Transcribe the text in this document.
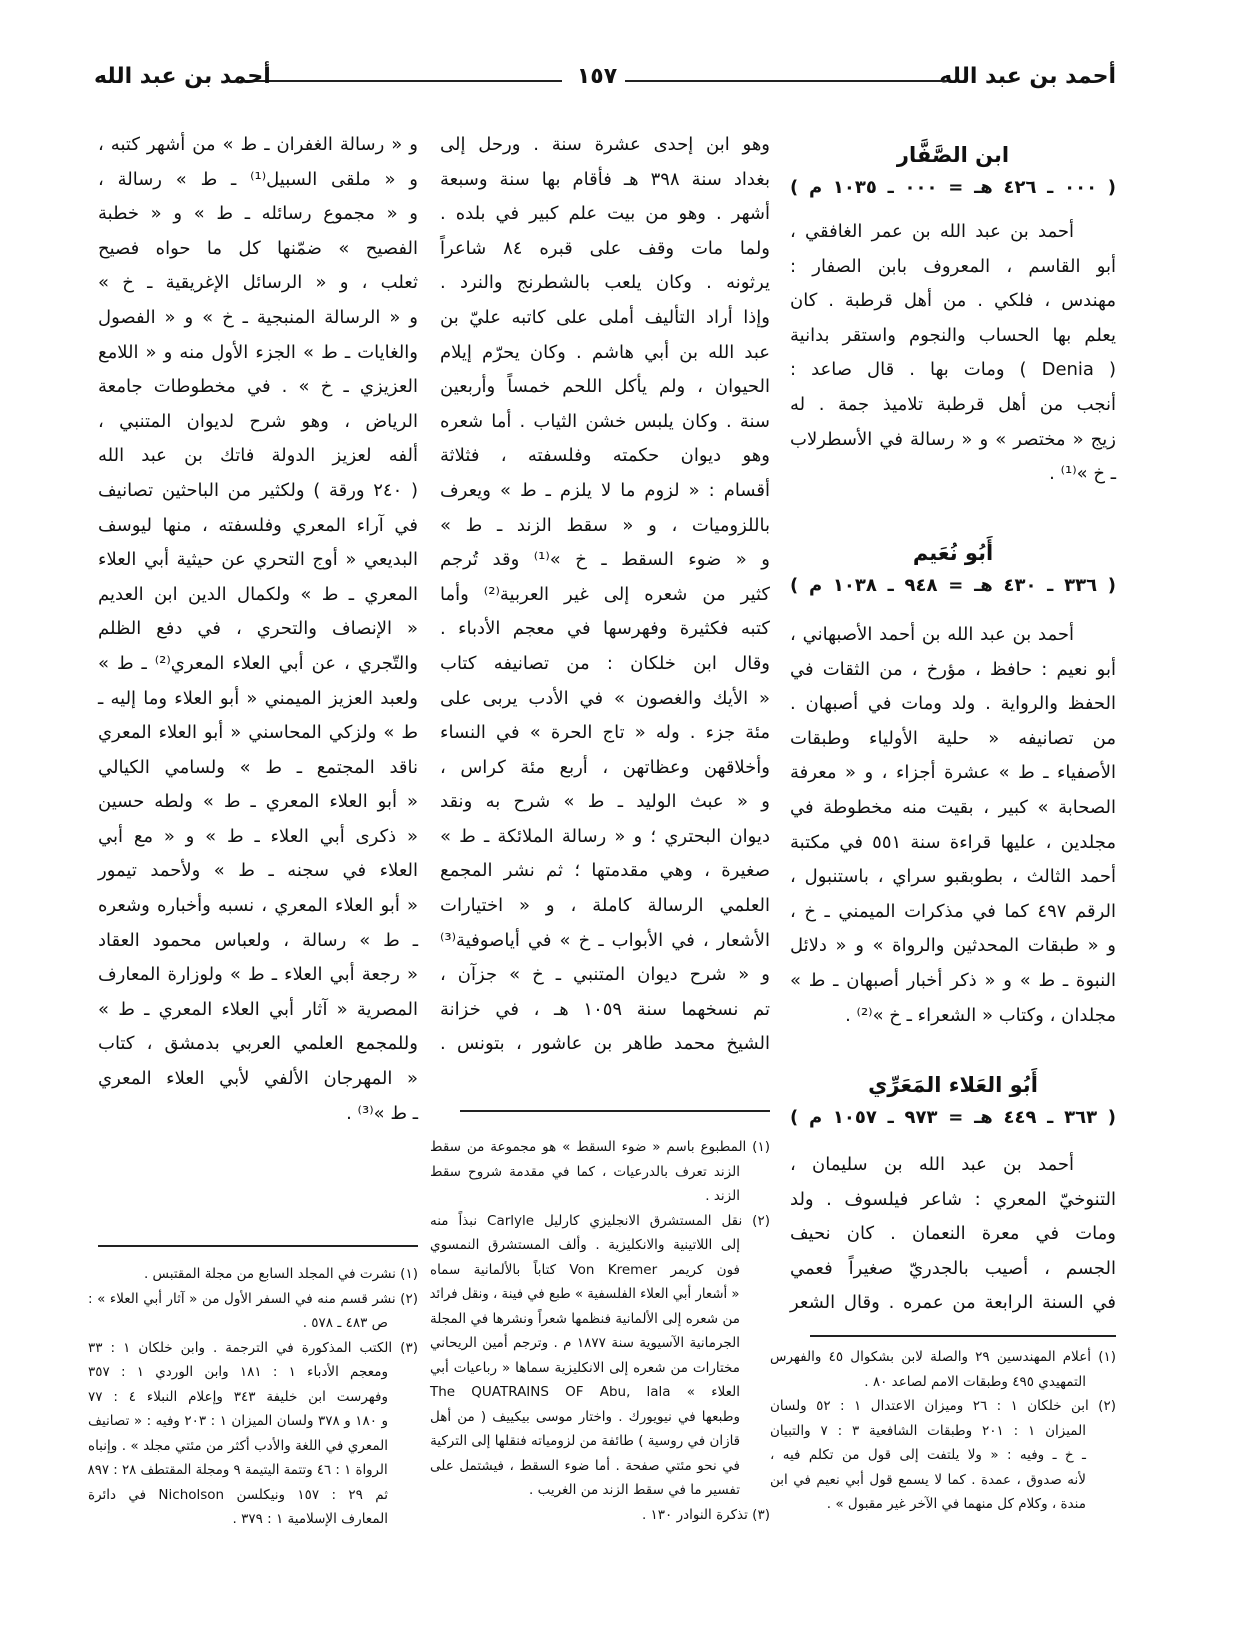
أحمد بن عبد الله
١٥٧
أحمد بن عبد الله
ابن الصَّفَّار
( ٠٠٠ ـ ٤٢٦ هـ = ٠٠٠ ـ ١٠٣٥ م )
أحمد بن عبد الله بن عمر الغافقي ،
أبو القاسم ، المعروف بابن الصفار :
مهندس ، فلكي . من أهل قرطبة . كان
يعلم بها الحساب والنجوم واستقر بدانية
( Denia ) ومات بها . قال صاعد :
أنجب من أهل قرطبة تلاميذ جمة . له
زيج « مختصر » و « رسالة في الأسطرلاب
ـ خ »⁽¹⁾ .
أَبُو نُعَيم
( ٣٣٦ ـ ٤٣٠ هـ = ٩٤٨ ـ ١٠٣٨ م )
أحمد بن عبد الله بن أحمد الأصبهاني ،
أبو نعيم : حافظ ، مؤرخ ، من الثقات في
الحفظ والرواية . ولد ومات في أصبهان .
من تصانيفه « حلية الأولياء وطبقات
الأصفياء ـ ط » عشرة أجزاء ، و « معرفة
الصحابة » كبير ، بقيت منه مخطوطة في
مجلدين ، عليها قراءة سنة ٥٥١ في مكتبة
أحمد الثالث ، بطوبقبو سراي ، باستنبول ،
الرقم ٤٩٧ كما في مذكرات الميمني ـ خ ،
و « طبقات المحدثين والرواة » و « دلائل
النبوة ـ ط » و « ذكر أخبار أصبهان ـ ط »
مجلدان ، وكتاب « الشعراء ـ خ »⁽²⁾ .
أَبُو العَلاء المَعَرِّي
( ٣٦٣ ـ ٤٤٩ هـ = ٩٧٣ ـ ١٠٥٧ م )
أحمد بن عبد الله بن سليمان ،
التنوخيّ المعري : شاعر فيلسوف . ولد
ومات في معرة النعمان . كان نحيف
الجسم ، أصيب بالجدريّ صغيراً فعمي
في السنة الرابعة من عمره . وقال الشعر
(١) أعلام المهندسين ٢٩ والصلة لابن بشكوال ٤٥ والفهرس
التمهيدي ٤٩٥ وطبقات الامم لصاعد ٨٠ .
(٢) ابن خلكان ١ : ٢٦ وميزان الاعتدال ١ : ٥٢ ولسان
الميزان ١ : ٢٠١ وطبقات الشافعية ٣ : ٧ والتبيان
ـ خ ـ وفيه : « ولا يلتفت إلى قول من تكلم فيه ،
لأنه صدوق ، عمدة . كما لا يسمع قول أبي نعيم في ابن
مندة ، وكلام كل منهما في الآخر غير مقبول » .
وهو ابن إحدى عشرة سنة . ورحل إلى
بغداد سنة ٣٩٨ هـ فأقام بها سنة وسبعة
أشهر . وهو من بيت علم كبير في بلده .
ولما مات وقف على قبره ٨٤ شاعراً
يرثونه . وكان يلعب بالشطرنج والنرد .
وإذا أراد التأليف أملى على كاتبه عليّ بن
عبد الله بن أبي هاشم . وكان يحرّم إيلام
الحيوان ، ولم يأكل اللحم خمساً وأربعين
سنة . وكان يلبس خشن الثياب . أما شعره
وهو ديوان حكمته وفلسفته ، فثلاثة
أقسام : « لزوم ما لا يلزم ـ ط » ويعرف
باللزوميات ، و « سقط الزند ـ ط »
و « ضوء السقط ـ خ »⁽¹⁾ وقد تُرجم
كثير من شعره إلى غير العربية⁽²⁾ وأما
كتبه فكثيرة وفهرسها في معجم الأدباء .
وقال ابن خلكان : من تصانيفه كتاب
« الأيك والغصون » في الأدب يربى على
مئة جزء . وله « تاج الحرة » في النساء
وأخلاقهن وعظاتهن ، أربع مئة كراس ،
و « عبث الوليد ـ ط » شرح به ونقد
ديوان البحتري ؛ و « رسالة الملائكة ـ ط »
صغيرة ، وهي مقدمتها ؛ ثم نشر المجمع
العلمي الرسالة كاملة ، و « اختيارات
الأشعار ، في الأبواب ـ خ » في أياصوفية⁽³⁾
و « شرح ديوان المتنبي ـ خ » جزآن ،
تم نسخهما سنة ١٠٥٩ هـ ، في خزانة
الشيخ محمد طاهر بن عاشور ، بتونس .
(١) المطبوع باسم « ضوء السقط » هو مجموعة من سقط
الزند تعرف بالدرعيات ، كما في مقدمة شروح سقط
الزند .
(٢) نقل المستشرق الانجليزي كارليل Carlyle نبذاً منه
إلى اللاتينية والانكليزية . وألف المستشرق النمسوي
فون كريمر Von Kremer كتاباً بالألمانية سماه
« أشعار أبي العلاء الفلسفية » طبع في فينة ، ونقل فرائد
من شعره إلى الألمانية فنظمها شعراً ونشرها في المجلة
الجرمانية الآسيوية سنة ١٨٧٧ م . وترجم أمين الريحاني
مختارات من شعره إلى الانكليزية سماها « رباعيات أبي
العلاء » The QUATRAINS OF Abu, lala
وطبعها في نيويورك . واختار موسى بيكييف ( من أهل
قازان في روسية ) طائفة من لزومياته فنقلها إلى التركية
في نحو مئتي صفحة . أما ضوء السقط ، فيشتمل على
تفسير ما في سقط الزند من الغريب .
(٣) تذكرة النوادر ١٣٠ .
و « رسالة الغفران ـ ط » من أشهر كتبه ،
و « ملقى السبيل⁽¹⁾ ـ ط » رسالة ،
و « مجموع رسائله ـ ط » و « خطبة
الفصيح » ضمّنها كل ما حواه فصيح
ثعلب ، و « الرسائل الإغريقية ـ خ »
و « الرسالة المنبجية ـ خ » و « الفصول
والغايات ـ ط » الجزء الأول منه و « اللامع
العزيزي ـ خ » . في مخطوطات جامعة
الرياض ، وهو شرح لديوان المتنبي ،
ألفه لعزيز الدولة فاتك بن عبد الله
( ٢٤٠ ورقة ) ولكثير من الباحثين تصانيف
في آراء المعري وفلسفته ، منها ليوسف
البديعي « أوج التحري عن حيثية أبي العلاء
المعري ـ ط » ولكمال الدين ابن العديم
« الإنصاف والتحري ، في دفع الظلم
والتّجري ، عن أبي العلاء المعري⁽²⁾ ـ ط »
ولعبد العزيز الميمني « أبو العلاء وما إليه ـ
ط » ولزكي المحاسني « أبو العلاء المعري
ناقد المجتمع ـ ط » ولسامي الكيالي
« أبو العلاء المعري ـ ط » ولطه حسين
« ذكرى أبي العلاء ـ ط » و « مع أبي
العلاء في سجنه ـ ط » ولأحمد تيمور
« أبو العلاء المعري ، نسبه وأخباره وشعره
ـ ط » رسالة ، ولعباس محمود العقاد
« رجعة أبي العلاء ـ ط » ولوزارة المعارف
المصرية « آثار أبي العلاء المعري ـ ط »
وللمجمع العلمي العربي بدمشق ، كتاب
« المهرجان الألفي لأبي العلاء المعري
ـ ط »⁽³⁾ .
(١) نشرت في المجلد السابع من مجلة المقتبس .
(٢) نشر قسم منه في السفر الأول من « آثار أبي العلاء » :
ص ٤٨٣ ـ ٥٧٨ .
(٣) الكتب المذكورة في الترجمة . وابن خلكان ١ : ٣٣
ومعجم الأدباء ١ : ١٨١ وابن الوردي ١ : ٣٥٧
وفهرست ابن خليفة ٣٤٣ وإعلام النبلاء ٤ : ٧٧
و ١٨٠ و ٣٧٨ ولسان الميزان ١ : ٢٠٣ وفيه : « تصانيف
المعري في اللغة والأدب أكثر من مئتي مجلد » . وإنباه
الرواة ١ : ٤٦ وتتمة اليتيمة ٩ ومجلة المقتطف ٢٨ : ٨٩٧
ثم ٢٩ : ١٥٧ ونيكلسن Nicholson في دائرة
المعارف الإسلامية ١ : ٣٧٩ .
